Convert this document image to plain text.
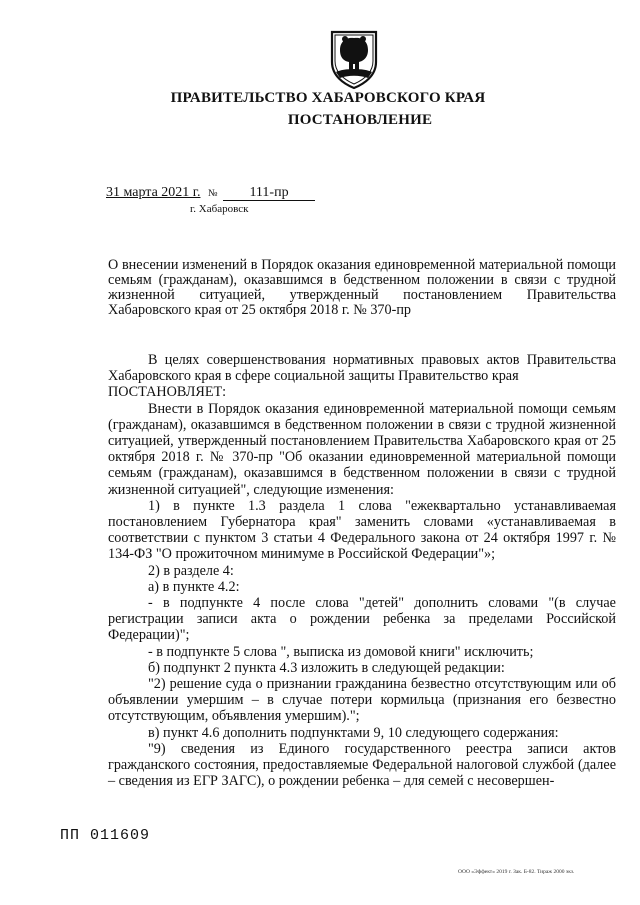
ПРАВИТЕЛЬСТВО ХАБАРОВСКОГО КРАЯ
ПОСТАНОВЛЕНИЕ
31 марта 2021 г. № 111-пр
г. Хабаровск
О внесении изменений в Порядок оказания единовременной материальной помощи семьям (гражданам), оказавшимся в бедственном положении в связи с трудной жизненной ситуацией, утвержденный постановлением Правительства Хабаровского края от 25 октября 2018 г. № 370-пр

В целях совершенствования нормативных правовых актов Правительства Хабаровского края в сфере социальной защиты Правительство края

ПОСТАНОВЛЯЕТ:

Внести в Порядок оказания единовременной материальной помощи семьям (гражданам), оказавшимся в бедственном положении в связи с трудной жизненной ситуацией, утвержденный постановлением Правительства Хабаровского края от 25 октября 2018 г. № 370-пр "Об оказании единовременной материальной помощи семьям (гражданам), оказавшимся в бедственном положении в связи с трудной жизненной ситуацией", следующие изменения:

1) в пункте 1.3 раздела 1 слова "ежеквартально устанавливаемая постановлением Губернатора края" заменить словами «устанавливаемая в соответствии с пунктом 3 статьи 4 Федерального закона от 24 октября 1997 г. № 134-ФЗ "О прожиточном минимуме в Российской Федерации"»;

2) в разделе 4:

а) в пункте 4.2:

- в подпункте 4 после слова "детей" дополнить словами "(в случае регистрации записи акта о рождении ребенка за пределами Российской Федерации)";

- в подпункте 5 слова ", выписка из домовой книги" исключить;

б) подпункт 2 пункта 4.3 изложить в следующей редакции:

"2) решение суда о признании гражданина безвестно отсутствующим или об объявлении умершим – в случае потери кормильца (признания его безвестно отсутствующим, объявления умершим).";

в) пункт 4.6 дополнить подпунктами 9, 10 следующего содержания:

"9) сведения из Единого государственного реестра записи актов гражданского состояния, предоставляемые Федеральной налоговой службой (далее – сведения из ЕГР ЗАГС), о рождении ребенка – для семей с несовершен-

ПП 011609
ООО «Эффект» 2019 г. Зак. Б-82. Тираж 2000 экз.
